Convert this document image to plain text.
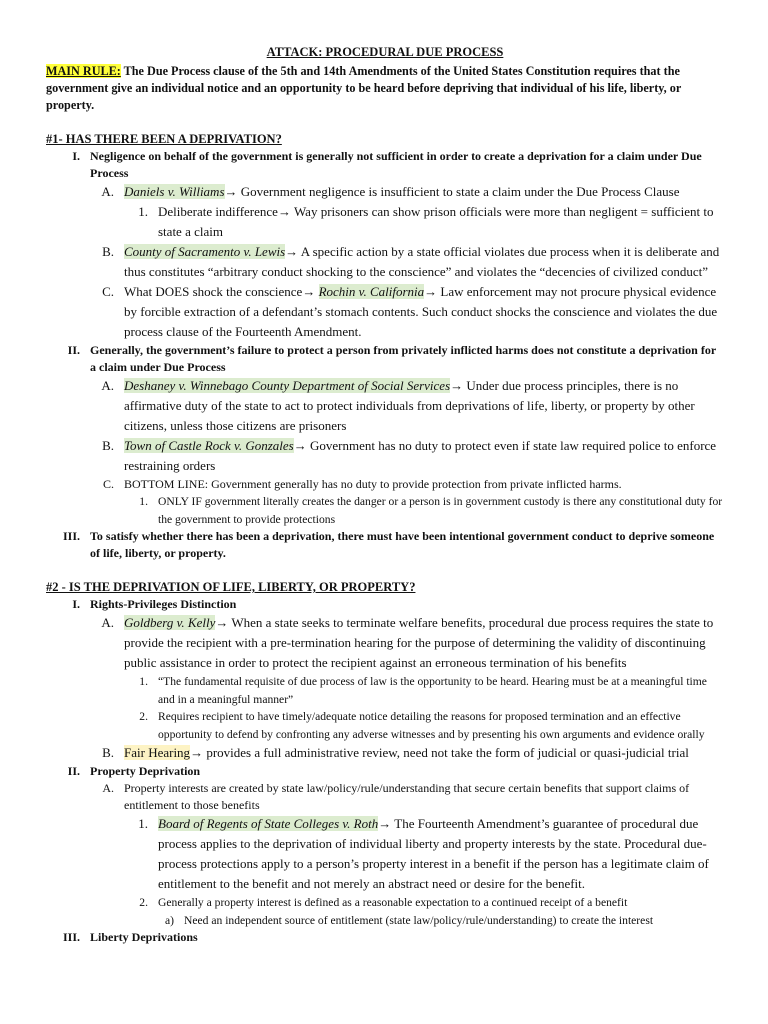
ATTACK: PROCEDURAL DUE PROCESS
MAIN RULE: The Due Process clause of the 5th and 14th Amendments of the United States Constitution requires that the government give an individual notice and an opportunity to be heard before depriving that individual of his life, liberty, or property.
#1- HAS THERE BEEN A DEPRIVATION?
I. Negligence on behalf of the government is generally not sufficient in order to create a deprivation for a claim under Due Process
A. Daniels v. Williams→ Government negligence is insufficient to state a claim under the Due Process Clause
1. Deliberate indifference→ Way prisoners can show prison officials were more than negligent = sufficient to state a claim
B. County of Sacramento v. Lewis→ A specific action by a state official violates due process when it is deliberate and thus constitutes “arbitrary conduct shocking to the conscience” and violates the “decencies of civilized conduct”
C. What DOES shock the conscience→ Rochin v. California→ Law enforcement may not procure physical evidence by forcible extraction of a defendant’s stomach contents. Such conduct shocks the conscience and violates the due process clause of the Fourteenth Amendment.
II. Generally, the government’s failure to protect a person from privately inflicted harms does not constitute a deprivation for a claim under Due Process
A. Deshaney v. Winnebago County Department of Social Services→ Under due process principles, there is no affirmative duty of the state to act to protect individuals from deprivations of life, liberty, or property by other citizens, unless those citizens are prisoners
B. Town of Castle Rock v. Gonzales→ Government has no duty to protect even if state law required police to enforce restraining orders
C. BOTTOM LINE: Government generally has no duty to provide protection from private inflicted harms.
1. ONLY IF government literally creates the danger or a person is in government custody is there any constitutional duty for the government to provide protections
III. To satisfy whether there has been a deprivation, there must have been intentional government conduct to deprive someone of life, liberty, or property.
#2 - IS THE DEPRIVATION OF LIFE, LIBERTY, OR PROPERTY?
I. Rights-Privileges Distinction
A. Goldberg v. Kelly→ When a state seeks to terminate welfare benefits, procedural due process requires the state to provide the recipient with a pre-termination hearing for the purpose of determining the validity of discontinuing public assistance in order to protect the recipient against an erroneous termination of his benefits
1. “The fundamental requisite of due process of law is the opportunity to be heard. Hearing must be at a meaningful time and in a meaningful manner”
2. Requires recipient to have timely/adequate notice detailing the reasons for proposed termination and an effective opportunity to defend by confronting any adverse witnesses and by presenting his own arguments and evidence orally
B. Fair Hearing→ provides a full administrative review, need not take the form of judicial or quasi-judicial trial
II. Property Deprivation
A. Property interests are created by state law/policy/rule/understanding that secure certain benefits that support claims of entitlement to those benefits
1. Board of Regents of State Colleges v. Roth→ The Fourteenth Amendment’s guarantee of procedural due process applies to the deprivation of individual liberty and property interests by the state. Procedural due-process protections apply to a person’s property interest in a benefit if the person has a legitimate claim of entitlement to the benefit and not merely an abstract need or desire for the benefit.
2. Generally a property interest is defined as a reasonable expectation to a continued receipt of a benefit
a) Need an independent source of entitlement (state law/policy/rule/understanding) to create the interest
III. Liberty Deprivations
